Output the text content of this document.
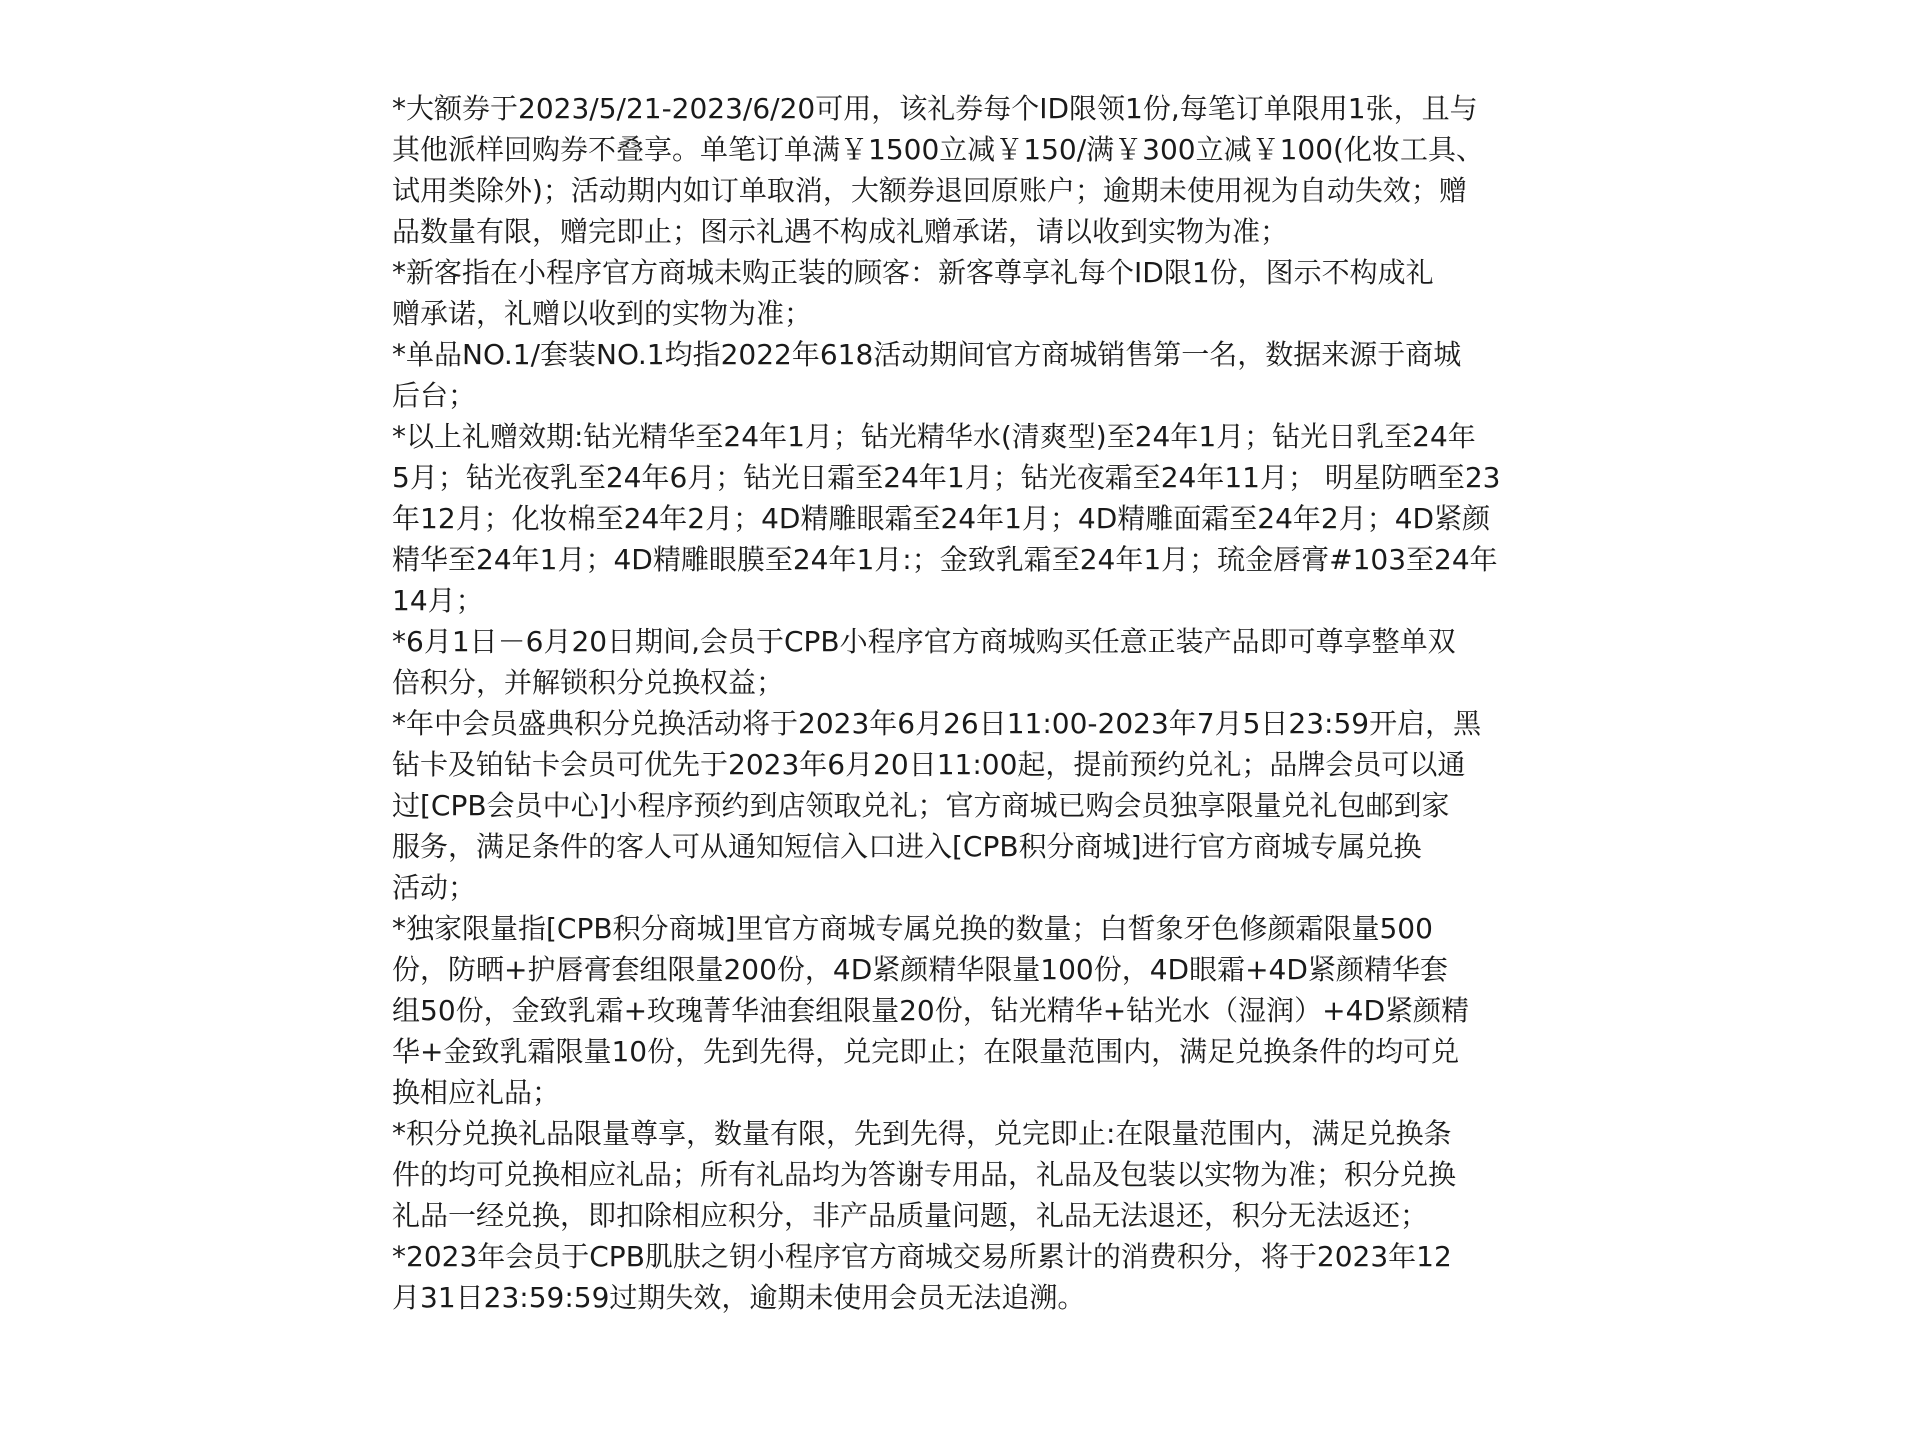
*大额券于2023/5/21-2023/6/20可用，该礼券每个ID限领1份,每笔订单限用1张，且与
其他派样回购券不叠享。单笔订单满￥1500立减￥150/满￥300立减￥100(化妆工具、
试用类除外)；活动期内如订单取消，大额券退回原账户；逾期未使用视为自动失效；赠
品数量有限，赠完即止；图示礼遇不构成礼赠承诺，请以收到实物为准；

*新客指在小程序官方商城未购正装的顾客：新客尊享礼每个ID限1份，图示不构成礼
赠承诺，礼赠以收到的实物为准；

*单品NO.1/套装NO.1均指2022年618活动期间官方商城销售第一名，数据来源于商城
后台；

*以上礼赠效期:钻光精华至24年1月；钻光精华水(清爽型)至24年1月；钻光日乳至24年
5月；钻光夜乳至24年6月；钻光日霜至24年1月；钻光夜霜至24年11月； 明星防晒至23
年12月；化妆棉至24年2月；4D精雕眼霜至24年1月；4D精雕面霜至24年2月；4D紧颜
精华至24年1月；4D精雕眼膜至24年1月:；金致乳霜至24年1月；琉金唇膏#103至24年
14月；

*6月1日－6月20日期间,会员于CPB小程序官方商城购买任意正装产品即可尊享整单双
倍积分，并解锁积分兑换权益；

*年中会员盛典积分兑换活动将于2023年6月26日11:00-2023年7月5日23:59开启，黑
钻卡及铂钻卡会员可优先于2023年6月20日11:00起，提前预约兑礼；品牌会员可以通
过[CPB会员中心]小程序预约到店领取兑礼；官方商城已购会员独享限量兑礼包邮到家
服务，满足条件的客人可从通知短信入口进入[CPB积分商城]进行官方商城专属兑换
活动；

*独家限量指[CPB积分商城]里官方商城专属兑换的数量；白皙象牙色修颜霜限量500
份，防晒+护唇膏套组限量200份，4D紧颜精华限量100份，4D眼霜+4D紧颜精华套
组50份，金致乳霜+玫瑰菁华油套组限量20份，钻光精华+钻光水（湿润）+4D紧颜精
华+金致乳霜限量10份，先到先得，兑完即止；在限量范围内，满足兑换条件的均可兑
换相应礼品；

*积分兑换礼品限量尊享，数量有限，先到先得，兑完即止:在限量范围内，满足兑换条
件的均可兑换相应礼品；所有礼品均为答谢专用品，礼品及包装以实物为准；积分兑换
礼品一经兑换，即扣除相应积分，非产品质量问题，礼品无法退还，积分无法返还；

*2023年会员于CPB肌肤之钥小程序官方商城交易所累计的消费积分，将于2023年12
月31日23:59:59过期失效，逾期未使用会员无法追溯。
